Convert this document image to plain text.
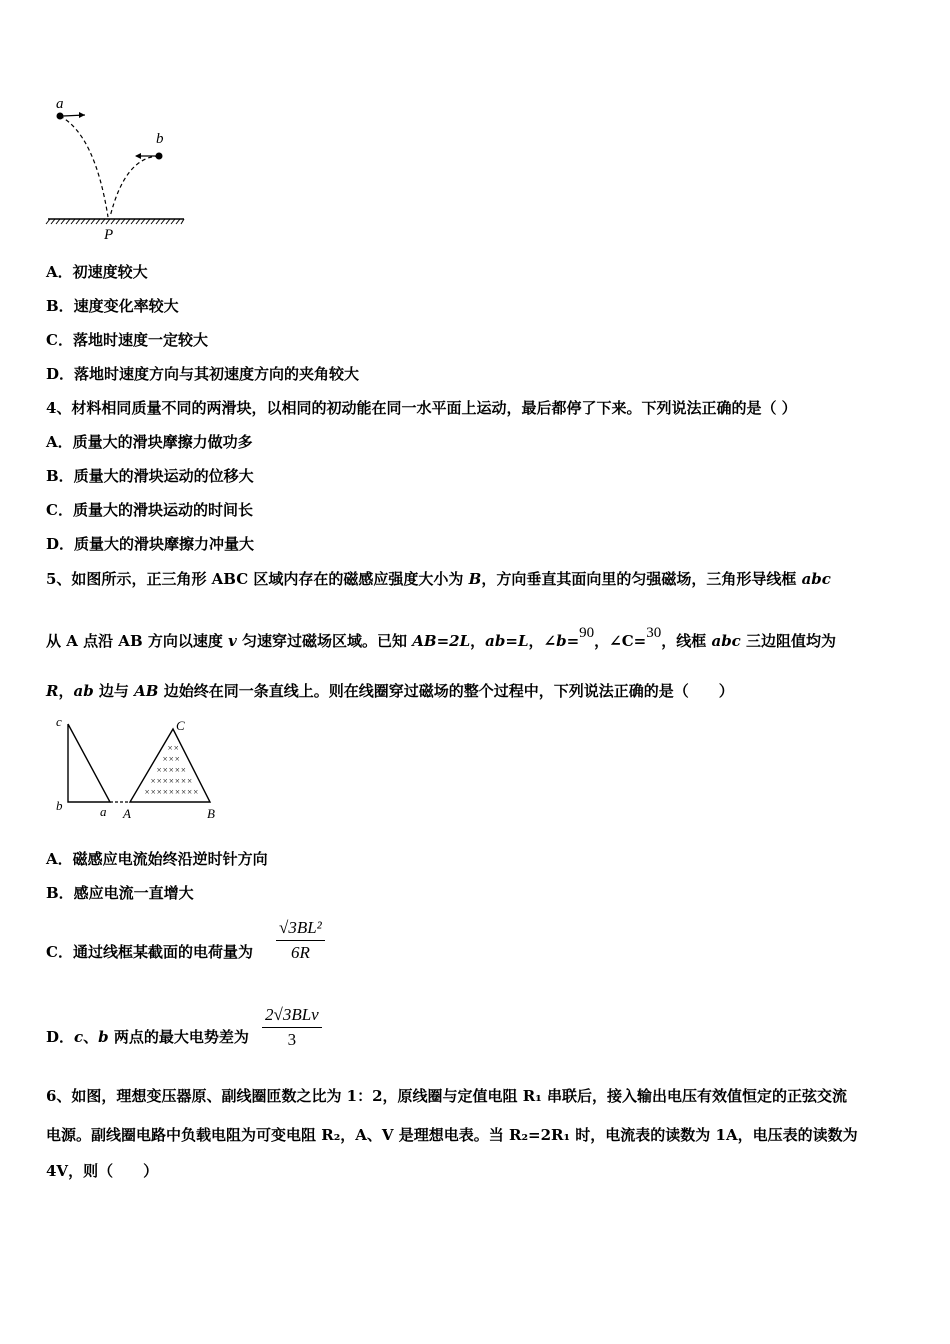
a
b
P
A．初速度较大
B．速度变化率较大
C．落地时速度一定较大
D．落地时速度方向与其初速度方向的夹角较大
4、材料相同质量不同的两滑块，以相同的初动能在同一水平面上运动，最后都停了下来。下列说法正确的是（ ）
A．质量大的滑块摩擦力做功多
B．质量大的滑块运动的位移大
C．质量大的滑块运动的时间长
D．质量大的滑块摩擦力冲量大
5、如图所示，正三角形 ABC 区域内存在的磁感应强度大小为 B，方向垂直其面向里的匀强磁场，三角形导线框 abc
从 A 点沿 AB 方向以速度 v 匀速穿过磁场区域。已知 AB=2L，ab=L，∠b=90，∠C=30，线框 abc 三边阻值均为
R，ab 边与 AB 边始终在同一条直线上。则在线圈穿过磁场的整个过程中，下列说法正确的是（　　）
××
×××
×××××
×××××××
×××××××××
c
b	a A	B
C
A．磁感应电流始终沿逆时针方向
B．感应电流一直增大
C．通过线框某截面的电荷量为
√3BL²
6R
D．c、b 两点的最大电势差为
2√3BLv
3
6、如图，理想变压器原、副线圈匝数之比为 1：2，原线圈与定值电阻 R₁ 串联后，接入输出电压有效值恒定的正弦交流
电源。副线圈电路中负载电阻为可变电阻 R₂，A、V 是理想电表。当 R₂=2R₁ 时，电流表的读数为 1A，电压表的读数为
4V，则（　　）
